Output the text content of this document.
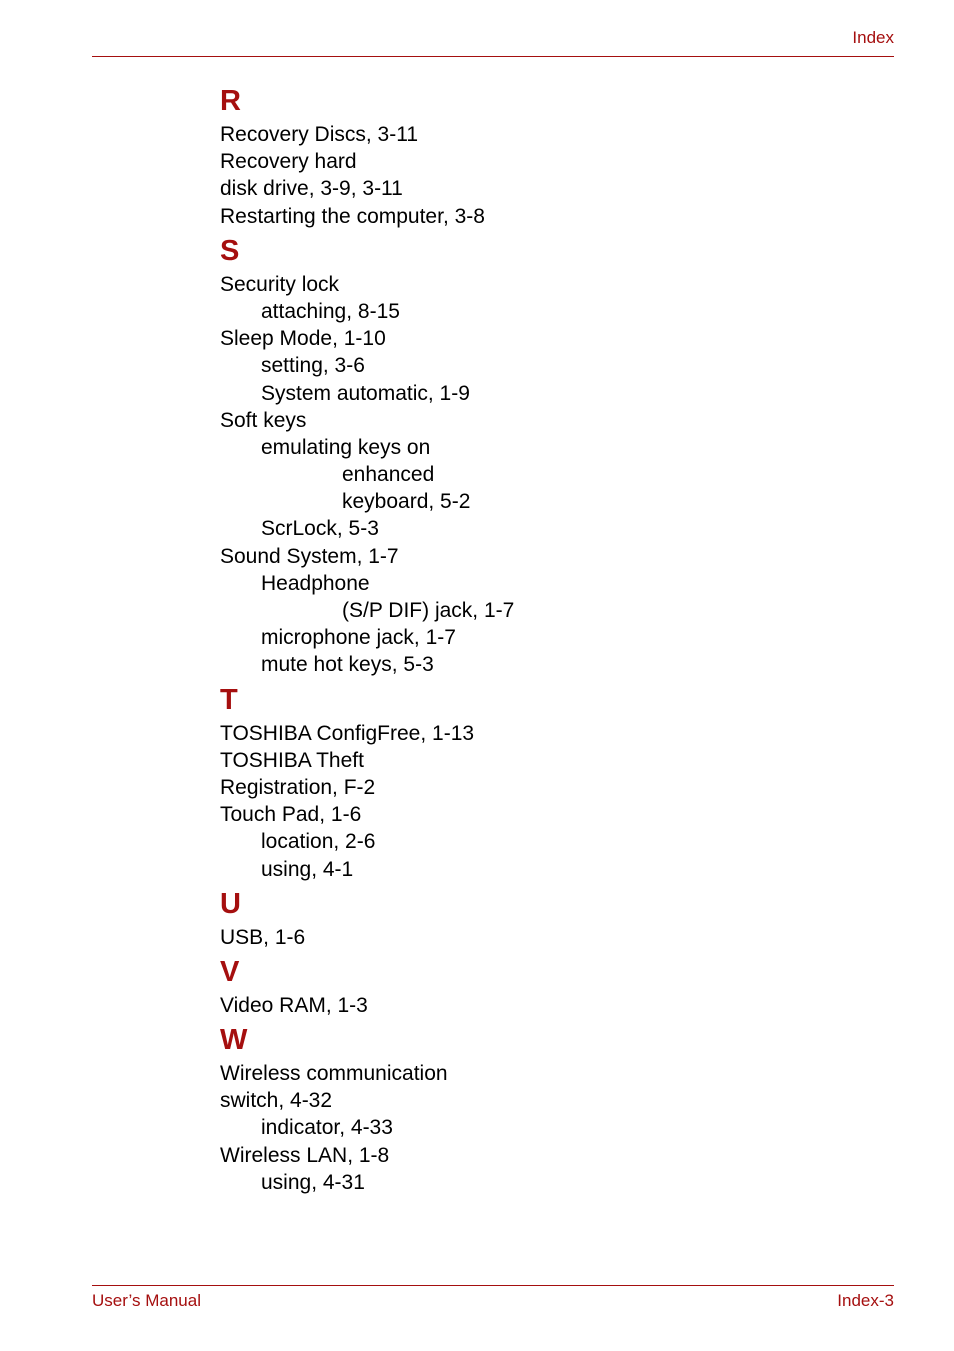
Index
R
Recovery Discs, 3-11
Recovery hard
disk drive, 3-9, 3-11
Restarting the computer, 3-8
S
Security lock
attaching, 8-15
Sleep Mode, 1-10
setting, 3-6
System automatic, 1-9
Soft keys
emulating keys on
enhanced
keyboard, 5-2
ScrLock, 5-3
Sound System, 1-7
Headphone
(S/P DIF) jack, 1-7
microphone jack, 1-7
mute hot keys, 5-3
T
TOSHIBA ConfigFree, 1-13
TOSHIBA Theft
Registration, F-2
Touch Pad, 1-6
location, 2-6
using, 4-1
U
USB, 1-6
V
Video RAM, 1-3
W
Wireless communication
switch, 4-32
indicator, 4-33
Wireless LAN, 1-8
using, 4-31
User’s Manual	Index-3
